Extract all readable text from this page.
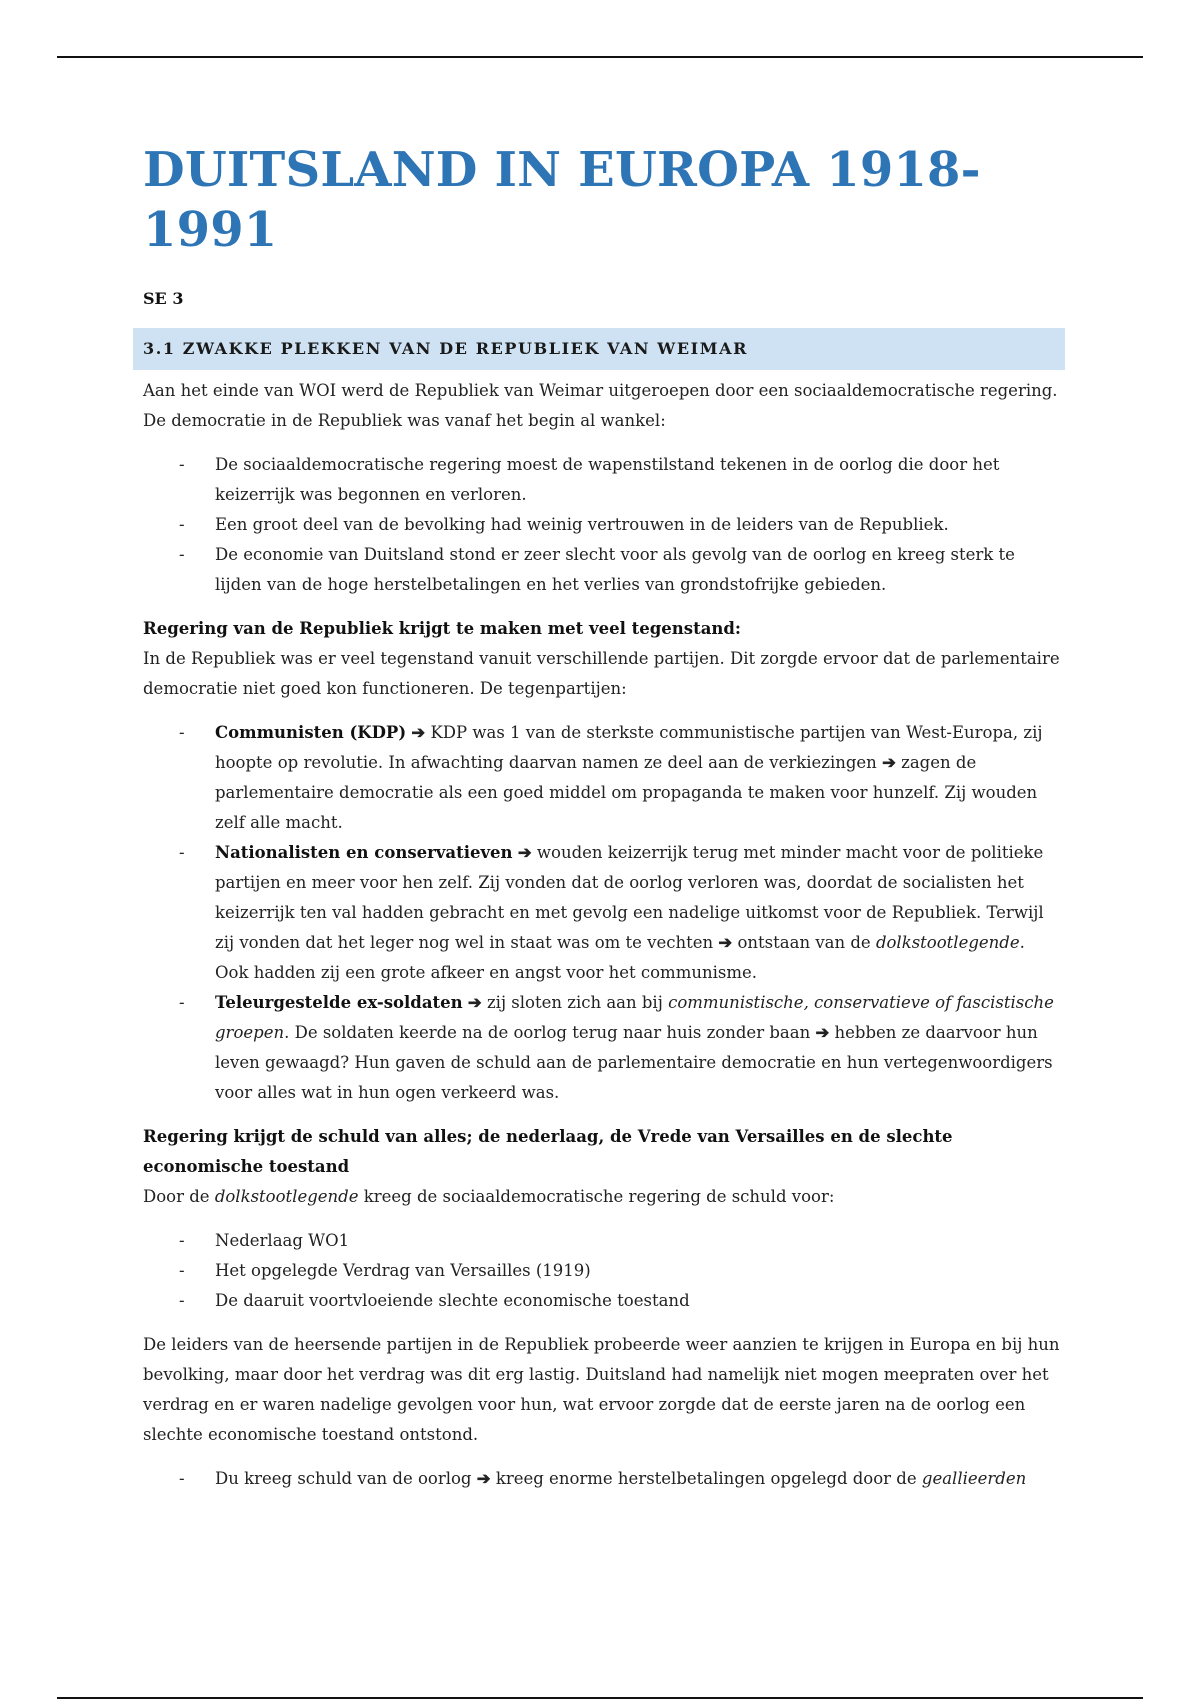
DUITSLAND IN EUROPA 1918-1991
SE 3
3.1 ZWAKKE PLEKKEN VAN DE REPUBLIEK VAN WEIMAR

Aan het einde van WOI werd de Republiek van Weimar uitgeroepen door een sociaaldemocratische regering. De democratie in de Republiek was vanaf het begin al wankel:

- De sociaaldemocratische regering moest de wapenstilstand tekenen in de oorlog die door het keizerrijk was begonnen en verloren.
- Een groot deel van de bevolking had weinig vertrouwen in de leiders van de Republiek.
- De economie van Duitsland stond er zeer slecht voor als gevolg van de oorlog en kreeg sterk te lijden van de hoge herstelbetalingen en het verlies van grondstofrijke gebieden.

Regering van de Republiek krijgt te maken met veel tegenstand:

In de Republiek was er veel tegenstand vanuit verschillende partijen. Dit zorgde ervoor dat de parlementaire democratie niet goed kon functioneren. De tegenpartijen:

- Communisten (KDP) ➔ KDP was 1 van de sterkste communistische partijen van West-Europa, zij hoopte op revolutie. In afwachting daarvan namen ze deel aan de verkiezingen ➔ zagen de parlementaire democratie als een goed middel om propaganda te maken voor hunzelf. Zij wouden zelf alle macht.
- Nationalisten en conservatieven ➔ wouden keizerrijk terug met minder macht voor de politieke partijen en meer voor hen zelf. Zij vonden dat de oorlog verloren was, doordat de socialisten het keizerrijk ten val hadden gebracht en met gevolg een nadelige uitkomst voor de Republiek. Terwijl zij vonden dat het leger nog wel in staat was om te vechten ➔ ontstaan van de dolkstootlegende. Ook hadden zij een grote afkeer en angst voor het communisme.
- Teleurgestelde ex-soldaten ➔ zij sloten zich aan bij communistische, conservatieve of fascistische groepen. De soldaten keerde na de oorlog terug naar huis zonder baan ➔ hebben ze daarvoor hun leven gewaagd? Hun gaven de schuld aan de parlementaire democratie en hun vertegenwoordigers voor alles wat in hun ogen verkeerd was.

Regering krijgt de schuld van alles; de nederlaag, de Vrede van Versailles en de slechte economische toestand

Door de dolkstootlegende kreeg de sociaaldemocratische regering de schuld voor:

- Nederlaag WO1
- Het opgelegde Verdrag van Versailles (1919)
- De daaruit voortvloeiende slechte economische toestand

De leiders van de heersende partijen in de Republiek probeerde weer aanzien te krijgen in Europa en bij hun bevolking, maar door het verdrag was dit erg lastig. Duitsland had namelijk niet mogen meepraten over het verdrag en er waren nadelige gevolgen voor hun, wat ervoor zorgde dat de eerste jaren na de oorlog een slechte economische toestand ontstond.

- Du kreeg schuld van de oorlog ➔ kreeg enorme herstelbetalingen opgelegd door de geallieerden
